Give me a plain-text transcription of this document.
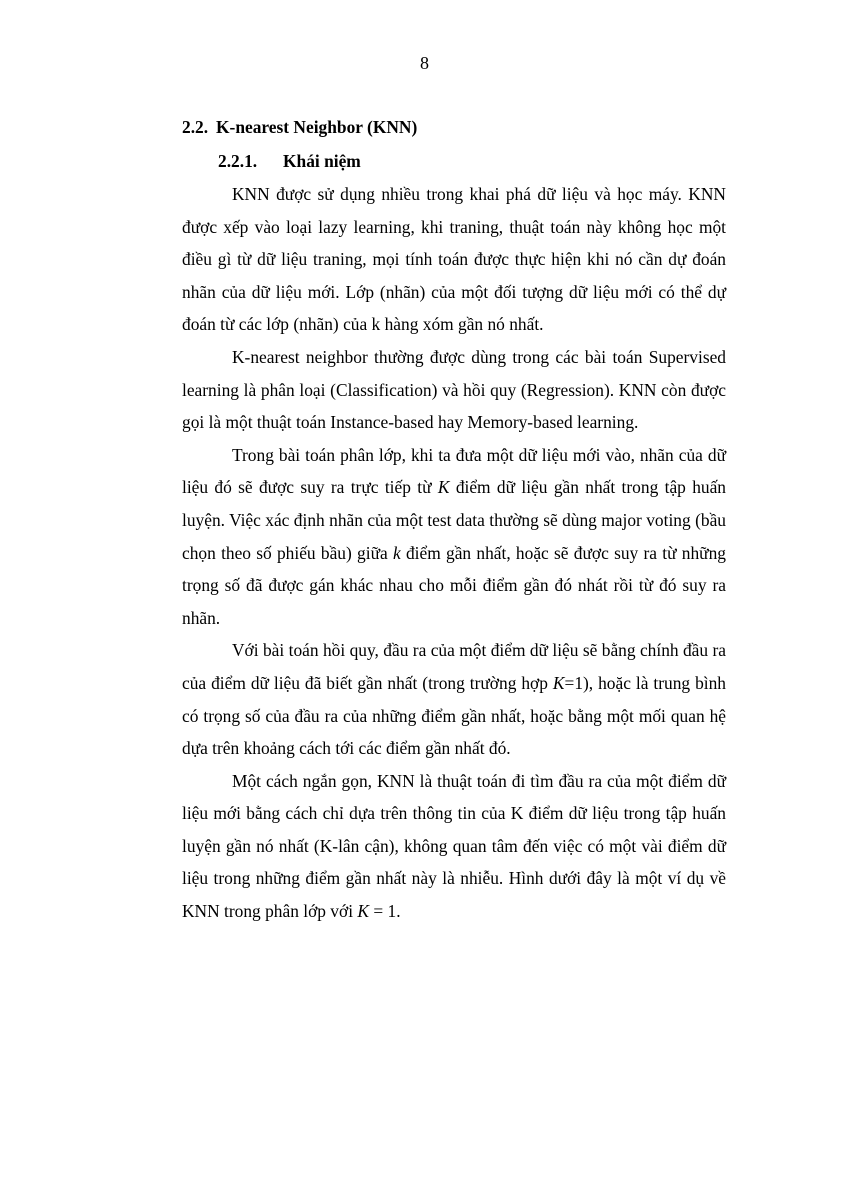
8
2.2. K-nearest Neighbor (KNN)
2.2.1.	Khái niệm

KNN được sử dụng nhiều trong khai phá dữ liệu và học máy. KNN được xếp vào loại lazy learning, khi traning, thuật toán này không học một điều gì từ dữ liệu traning, mọi tính toán được thực hiện khi nó cần dự đoán nhãn của dữ liệu mới. Lớp (nhãn) của một đối tượng dữ liệu mới có thể dự đoán từ các lớp (nhãn) của k hàng xóm gần nó nhất.

K-nearest neighbor thường được dùng trong các bài toán Supervised learning là phân loại (Classification) và hồi quy (Regression). KNN còn được gọi là một thuật toán Instance-based hay Memory-based learning.

Trong bài toán phân lớp, khi ta đưa một dữ liệu mới vào, nhãn của dữ liệu đó sẽ được suy ra trực tiếp từ K điểm dữ liệu gần nhất trong tập huấn luyện. Việc xác định nhãn của một test data thường sẽ dùng major voting (bầu chọn theo số phiếu bầu) giữa k điểm gần nhất, hoặc sẽ được suy ra từ những trọng số đã được gán khác nhau cho mỗi điểm gần đó nhát rồi từ đó suy ra nhãn.

Với bài toán hồi quy, đầu ra của một điểm dữ liệu sẽ bằng chính đầu ra của điểm dữ liệu đã biết gần nhất (trong trường hợp K=1), hoặc là trung bình có trọng số của đầu ra của những điểm gần nhất, hoặc bằng một mối quan hệ dựa trên khoảng cách tới các điểm gần nhất đó.

Một cách ngắn gọn, KNN là thuật toán đi tìm đầu ra của một điểm dữ liệu mới bằng cách chỉ dựa trên thông tin của K điểm dữ liệu trong tập huấn luyện gần nó nhất (K-lân cận), không quan tâm đến việc có một vài điểm dữ liệu trong những điểm gần nhất này là nhiễu. Hình dưới đây là một ví dụ về KNN trong phân lớp với K = 1.
